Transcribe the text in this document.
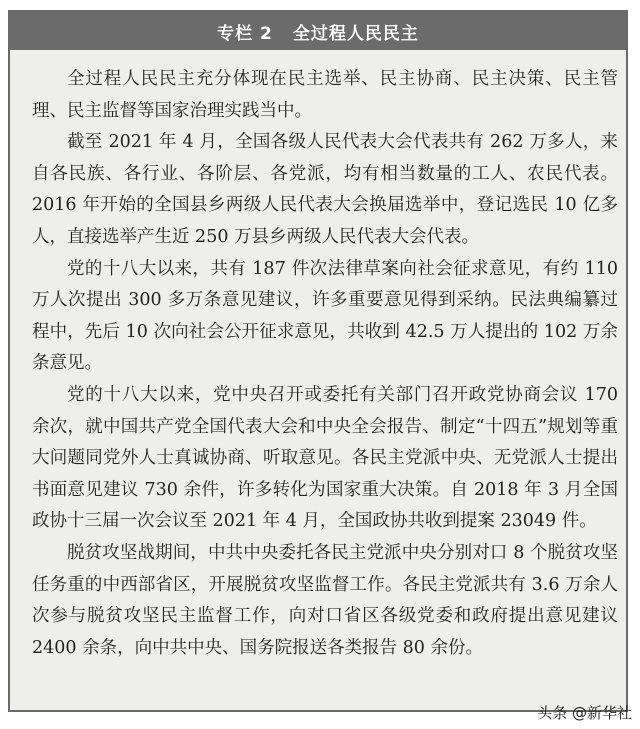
专栏 2 全过程人民民主

全过程人民民主充分体现在民主选举、民主协商、民主决策、民主管理、民主监督等国家治理实践当中。

截至 2021 年 4 月，全国各级人民代表大会代表共有 262 万多人，来自各民族、各行业、各阶层、各党派，均有相当数量的工人、农民代表。2016 年开始的全国县乡两级人民代表大会换届选举中，登记选民 10 亿多人，直接选举产生近 250 万县乡两级人民代表大会代表。

党的十八大以来，共有 187 件次法律草案向社会征求意见，有约 110 万人次提出 300 多万条意见建议，许多重要意见得到采纳。民法典编纂过程中，先后 10 次向社会公开征求意见，共收到 42.5 万人提出的 102 万余条意见。

党的十八大以来，党中央召开或委托有关部门召开政党协商会议 170 余次，就中国共产党全国代表大会和中央全会报告、制定“十四五”规划等重大问题同党外人士真诚协商、听取意见。各民主党派中央、无党派人士提出书面意见建议 730 余件，许多转化为国家重大决策。自 2018 年 3 月全国政协十三届一次会议至 2021 年 4 月，全国政协共收到提案 23049 件。

脱贫攻坚战期间，中共中央委托各民主党派中央分别对口 8 个脱贫攻坚任务重的中西部省区，开展脱贫攻坚监督工作。各民主党派共有 3.6 万余人次参与脱贫攻坚民主监督工作，向对口省区各级党委和政府提出意见建议 2400 余条，向中共中央、国务院报送各类报告 80 余份。

头条 @新华社
